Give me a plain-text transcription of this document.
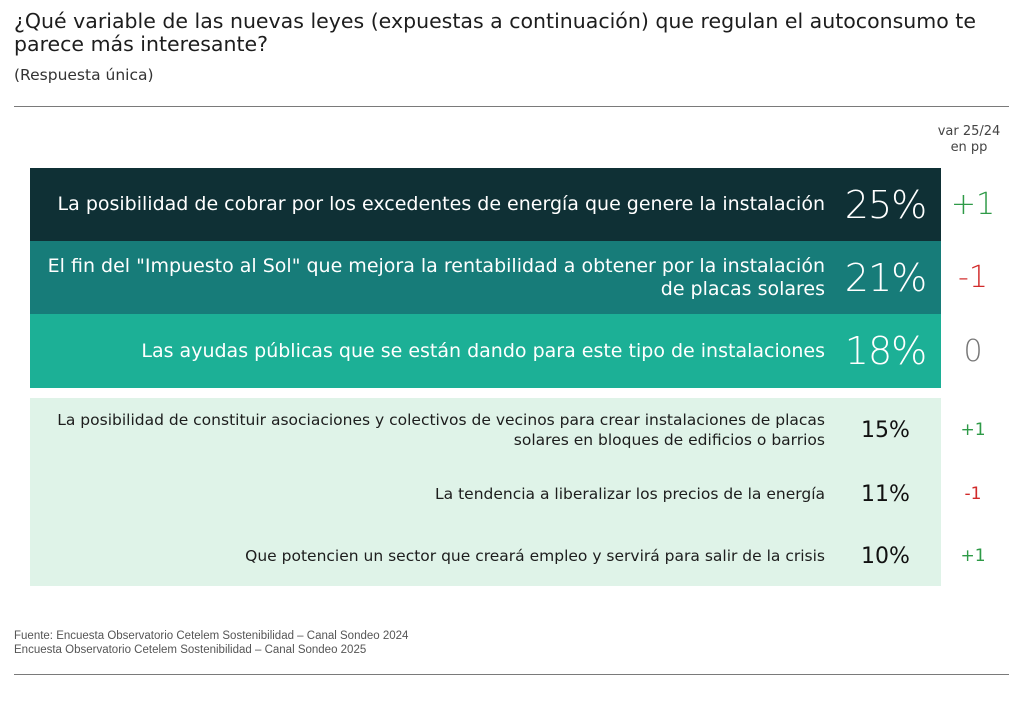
¿Qué variable de las nuevas leyes (expuestas a continuación) que regulan el autoconsumo te parece más interesante?

(Respuesta única)

var 25/24
en pp
La posibilidad de cobrar por los excedentes de energía que genere la instalación 25% +1
El fin del "Impuesto al Sol" que mejora la rentabilidad a obtener por la instalación de placas solares 21%	-1
Las ayudas públicas que se están dando para este tipo de instalaciones 18%	0
La posibilidad de constituir asociaciones y colectivos de vecinos para crear instalaciones de placas solares en bloques de edificios o barrios	15%	+1
La tendencia a liberalizar los precios de la energía	11%	-1
Que potencien un sector que creará empleo y servirá para salir de la crisis	10%	+1
Fuente: Encuesta Observatorio Cetelem Sostenibilidad – Canal Sondeo 2024
Encuesta Observatorio Cetelem Sostenibilidad – Canal Sondeo 2025
